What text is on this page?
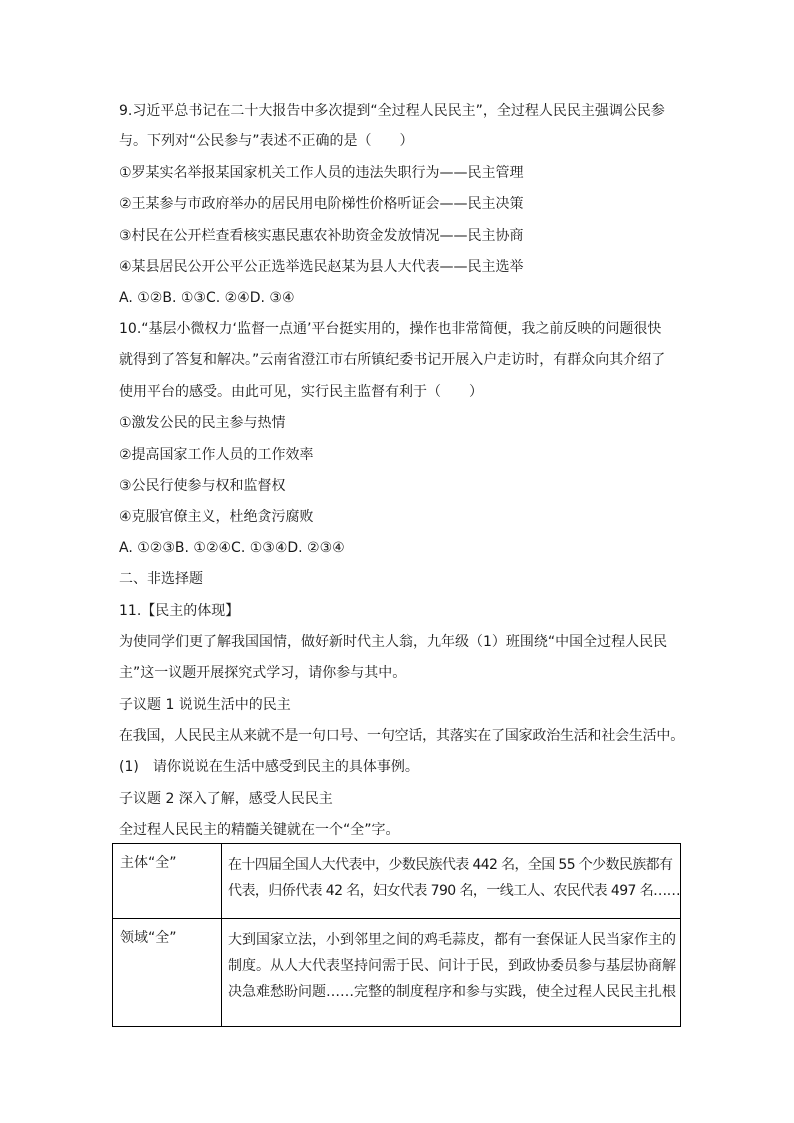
9.习近平总书记在二十大报告中多次提到“全过程人民民主”，全过程人民民主强调公民参
与。下列对“公民参与”表述不正确的是（　　）
①罗某实名举报某国家机关工作人员的违法失职行为——民主管理
②王某参与市政府举办的居民用电阶梯性价格听证会——民主决策
③村民在公开栏查看核实惠民惠农补助资金发放情况——民主协商
④某县居民公开公平公正选举选民赵某为县人大代表——民主选举
A. ①②B. ①③C. ②④D. ③④
10.“基层小微权力‘监督一点通’平台挺实用的，操作也非常简便，我之前反映的问题很快
就得到了答复和解决。”云南省澄江市右所镇纪委书记开展入户走访时，有群众向其介绍了
使用平台的感受。由此可见，实行民主监督有利于（　　）
①激发公民的民主参与热情
②提高国家工作人员的工作效率
③公民行使参与权和监督权
④克服官僚主义，杜绝贪污腐败
A. ①②③B. ①②④C. ①③④D. ②③④
二、非选择题
11.【民主的体现】
为使同学们更了解我国国情，做好新时代主人翁，九年级（1）班围绕“中国全过程人民民
主”这一议题开展探究式学习，请你参与其中。
子议题 1 说说生活中的民主
在我国，人民民主从来就不是一句口号、一句空话，其落实在了国家政治生活和社会生活中。
(1)　请你说说在生活中感受到民主的具体事例。
子议题 2 深入了解，感受人民民主
全过程人民民主的精髓关键就在一个“全”字。
主体“全”	在十四届全国人大代表中，少数民族代表 442 名，全国 55 个少数民族都有
代表，归侨代表 42 名，妇女代表 790 名，一线工人、农民代表 497 名……

领域“全”	大到国家立法，小到邻里之间的鸡毛蒜皮，都有一套保证人民当家作主的
制度。从人大代表坚持问需于民、问计于民，到政协委员参与基层协商解
决急难愁盼问题……完整的制度程序和参与实践，使全过程人民民主扎根
